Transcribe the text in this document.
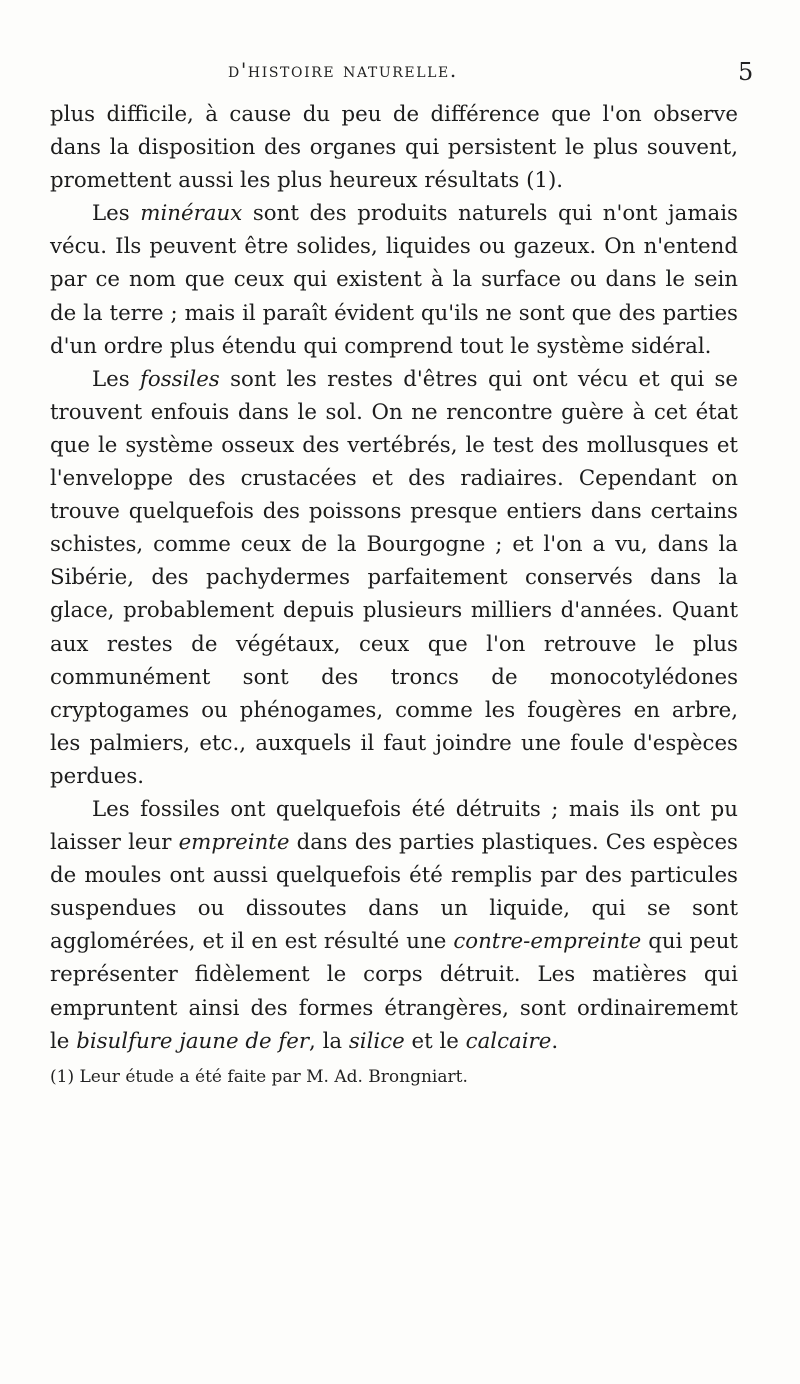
d'histoire naturelle.	5

plus difficile, à cause du peu de différence que l'on observe dans la disposition des organes qui persistent le plus souvent, promettent aussi les plus heureux résultats (1).

Les minéraux sont des produits naturels qui n'ont jamais vécu. Ils peuvent être solides, liquides ou gazeux. On n'entend par ce nom que ceux qui existent à la surface ou dans le sein de la terre ; mais il paraît évident qu'ils ne sont que des parties d'un ordre plus étendu qui comprend tout le système sidéral.

Les fossiles sont les restes d'êtres qui ont vécu et qui se trouvent enfouis dans le sol. On ne rencontre guère à cet état que le système osseux des vertébrés, le test des mollusques et l'enveloppe des crustacées et des radiaires. Cependant on trouve quelquefois des poissons presque entiers dans certains schistes, comme ceux de la Bourgogne ; et l'on a vu, dans la Sibérie, des pachydermes parfaitement conservés dans la glace, probablement depuis plusieurs milliers d'années. Quant aux restes de végétaux, ceux que l'on retrouve le plus communément sont des troncs de monocotylédones cryptogames ou phénogames, comme les fougères en arbre, les palmiers, etc., auxquels il faut joindre une foule d'espèces perdues.

Les fossiles ont quelquefois été détruits ; mais ils ont pu laisser leur empreinte dans des parties plastiques. Ces espèces de moules ont aussi quelquefois été remplis par des particules suspendues ou dissoutes dans un liquide, qui se sont agglomérées, et il en est résulté une contre-empreinte qui peut représenter fidèlement le corps détruit. Les matières qui empruntent ainsi des formes étrangères, sont ordinairememt le bisulfure jaune de fer, la silice et le calcaire.

(1) Leur étude a été faite par M. Ad. Brongniart.
